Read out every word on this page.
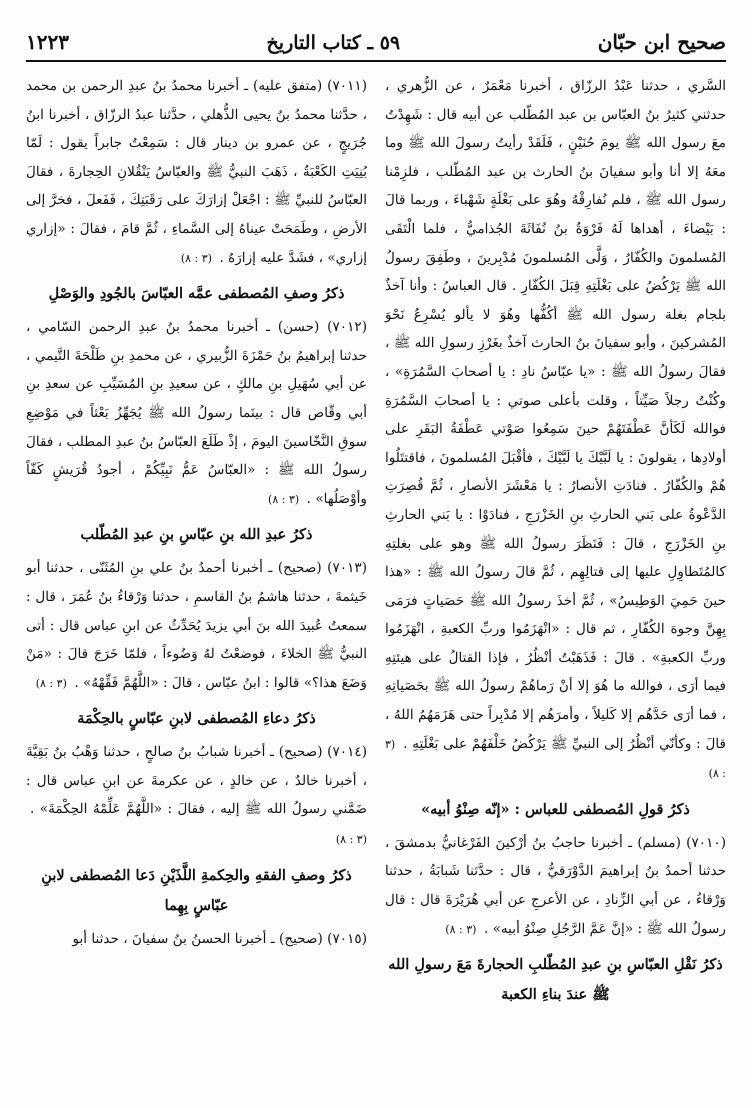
صحيح ابن حبّان
٥٩ ـ كتاب التاريخ
١٢٢٣

السَّري ، حدثنا عَبْدُ الرزّاق ، أخبرنا مَعْمَرٌ ، عن الزُّهري ، حدثني كثيرُ بنُ العبّاس بن عبد المُطّلب عن أبيه قال : شَهِدْتُ معَ رسول الله ﷺ يومَ حُنَيْنٍ ، فَلَقَدْ رأيتُ رسولَ الله ﷺ وما معَهُ إلا أنا وأبو سفيانَ بنُ الحارث بن عبد المُطّلب ، فلزِمْنا رسول الله ﷺ ، فلم نُفارِقْهُ وهُوَ على بَغْلَةٍ شَهْباءَ ، وربما قالَ : بَيْضاءَ ، أهداها لَهُ فَرْوَةُ بنُ نُفَاثَةَ الجُذاميُّ ، فلما الْتَقَى المُسلمونَ والكُفّارُ ، وَلَّى المُسلمونَ مُدْبِرينَ ، وطَفِقَ رسولُ الله ﷺ يَرْكُضُ على بَغْلَتِهِ قِبَلَ الكُفّارِ . قال العباسُ : وأنا آخذٌ بلجام بغلة رسول الله ﷺ أكُفُّها وهُوَ لا يألو يُسْرِعُ نَحْوَ المُشركينَ ، وأبو سفيانَ بنُ الحارث آخذٌ بغَرْزِ رسولِ الله ﷺ ، فقالَ رسولُ الله ﷺ : «يا عبّاسُ نادِ : يا أصحابَ السَّمُرَةِ» ، وكُنْتُ رجلاً صَيِّتاً ، وقلت بأعلى صوتي : يا أصحابَ السَّمُرَةِ فوالله لَكَأنَّ عَطْفَتَهُمْ حينَ سَمِعُوا صَوْتي عَطْفَةُ البَقَرِ على أولادِها ، يقولونَ : يا لَبَّيْكَ يا لَبَّيْكَ ، فأقْبَلَ المُسلمونَ ، فاقتتَلُوا هُمْ والكُفّارُ . فنادَتِ الأنصارُ : يا مَعْشَرَ الأنصارِ ، ثُمَّ قُصِرَتِ الدَّعْوةُ على بَني الحارثِ بنِ الخَزْرَجِ ، فنادَوْا : يا بَني الحارثِ بنِ الخَزْرَجِ ، قالَ : فَنَظَرَ رسولُ الله ﷺ وهو على بغلتِهِ كالمُتَطاوِلِ عليها إلى قتالِهِم ، ثُمَّ قالَ رسولُ الله ﷺ : «هذا حينَ حَمِيَ الوَطِيسُ» ، ثُمَّ أخذَ رسولُ الله ﷺ حَصَياتٍ فرَمَى بِهِنَّ وجوهَ الكُفّارِ ، ثم قال : «انْهَزَمُوا وربِّ الكعبةِ ، انْهَزَمُوا وربِّ الكعبةِ» . قالَ : فَذَهَبْتُ أنْظُرُ ، فإذا القتالُ على هيئتِهِ فيما أرَى ، فوالله ما هُوَ إلا أنْ رَماهُمْ رسولُ الله ﷺ بحَصَياتِهِ ، فما أرَى حَدَّهُم إلا كَليلاً ، وأمرَهُم إلا مُدْبِراً حتى هَزَمَهُمُ اللهُ ، قالَ : وكأنّي أنْظُرُ إلى النبيِّ ﷺ يَرْكُضُ خَلْفَهُمْ على بَغْلَتِهِ . (٣ : ٨)

ذكرُ قولِ المُصطفى للعباس : «إنّه صِنْوُ أبيه»

(٧٠١٠) (مسلم) ـ أخبرنا حاجبُ بنُ أرْكينَ الفَرْغانيُّ بدمشقَ ، حدثنا أحمدُ بنُ إبراهيمَ الدَّوْرَقيُّ ، قال : حدَّثنا شَبابَةُ ، حدثنا وَرْقاءُ ، عن أبي الزِّنادِ ، عن الأعرجِ عن أبي هُرَيْرَةَ قال : قال رسولُ الله ﷺ : «إنَّ عَمَّ الرَّجُلِ صِنْوُ أبيه» . (٣ : ٨)

ذكرُ نَقْلِ العبّاسِ بنِ عبدِ المُطّلبِ الحجارةَ مَعَ رسولِ الله ﷺ عندَ بناءِ الكعبة

(٧٠١١) (متفق عليه) ـ أخبرنا محمدُ بنُ عبدِ الرحمن بن محمد ، حدَّثنا محمدُ بنُ يحيى الذُّهلي ، حدَّثنا عبدُ الرزّاق ، أخبرنا ابنُ جُرَيجٍ ، عن عمرو بن دينار قال : سَمِعْتُ جابراً يقول : لَمّا بُنِيَتِ الكَعْبَةُ ، ذَهَبَ النبيُّ ﷺ والعبّاسُ يَنْقُلانِ الحِجارةَ ، فقالَ العبّاسُ للنبيِّ ﷺ : اجْعَلْ إزارَكَ على رَقَبَتِكَ ، فَفَعلَ ، فخرَّ إلى الأرضِ ، وطَمَحَتْ عيناهُ إلى السَّماءِ ، ثُمَّ قامَ ، فقالَ : «إزاري إزاري» ، فشَدَّ عليه إزارَهُ . (٣ : ٨)

ذكرُ وصفِ المُصطفى عمَّه العبّاسَ بالجُودِ والوَصْلِ

(٧٠١٢) (حسن) ـ أخبرنا محمدُ بنُ عبدِ الرحمن السّامي ، حدثنا إبراهيمُ بنُ حَمْزَةَ الزُّبيري ، عن محمدِ بنِ طَلْحَةَ التَّيمي ، عن أبي سُهَيلِ بنِ مالكٍ ، عن سعيدِ بنِ المُسَيِّبِ عن سعدِ بنِ أبي وقّاص قال : بينَما رسولُ الله ﷺ يُجَهِّزُ بَعْثاً في مَوْضِعِ سوقِ النَّخّاسينَ اليومَ ، إذْ طَلَعَ العبّاسُ بنُ عبدِ المطلب ، فقالَ رسولُ الله ﷺ : «العبّاسُ عَمُّ نَبِيِّكُمْ ، أجودُ قُرَيشٍ كَفّاً وأوْصَلُها» . (٣ : ٨)

ذكرُ عبدِ الله بنِ عبّاسِ بنِ عبدِ المُطّلب

(٧٠١٣) (صحيح) ـ أخبرنا أحمدُ بنُ علي بنِ المُثَنّى ، حدثنا أبو خَيثمةَ ، حدثنا هاشمُ بنُ القاسمِ ، حدثنا وَرْقاءُ بنُ عُمَرَ ، قال : سمعتُ عُبيدَ الله بنَ أبي يزيدَ يُحَدِّثُ عن ابنِ عباس قال : أتى النبيُّ ﷺ الخلاءَ ، فوضعْتُ لهُ وَضُوءاً ، فلمّا خَرَجَ قالَ : «مَنْ وَضَعَ هذا؟» قالوا : ابنُ عبّاس ، قالَ : «اللَّهُمَّ فَقِّهْهُ» . (٣ : ٨)

ذكرُ دعاءِ المُصطفى لابنِ عبّاسٍ بالحِكْمَة

(٧٠١٤) (صحيح) ـ أخبرنا شبابُ بنُ صالحٍ ، حدثنا وَهْبُ بنُ بَقِيَّةَ ، أخبرنا خالدٌ ، عن خالدٍ ، عن عكرمةَ عن ابنِ عباس قال : ضَمَّني رسولُ الله ﷺ إليه ، فقالَ : «اللَّهُمَّ عَلِّمْهُ الحِكْمَةَ» . (٣ : ٨)

ذكرُ وصفِ الفقهِ والحِكمةِ اللَّذَيْنِ دَعا المُصطفى لابنِ عبّاسٍ بِهِما

(٧٠١٥) (صحيح) ـ أخبرنا الحسنُ بنُ سفيانَ ، حدثنا أبو
